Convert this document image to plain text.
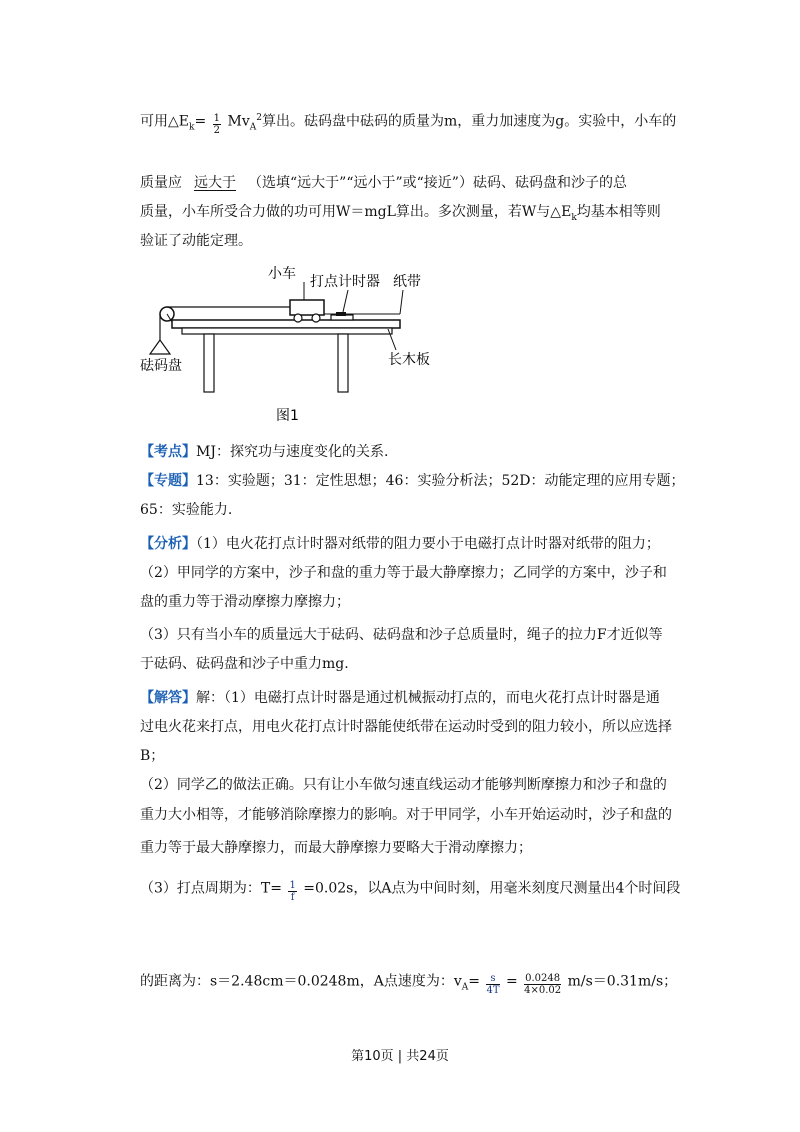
可用$\triangle E_k= \frac{1}{2} Mv_A^2$算出。砝码盘中砝码的质量为m，重力加速度为g。实验中，小车的
质量应 远大于 （选填“远大于”“远小于”或“接近”）砝码、砝码盘和沙子的总
质量，小车所受合力做的功可用W＝mgL算出。多次测量，若W与$\triangle E_k$均基本相等则
验证了动能定理。
小车 打点计时器 纸带
砝码盘	长木板
图1
【考点】MJ：探究功与速度变化的关系.
【专题】13：实验题；31：定性思想；46：实验分析法；52D：动能定理的应用专题；
65：实验能力.
【分析】（1）电火花打点计时器对纸带的阻力要小于电磁打点计时器对纸带的阻力；
（2）甲同学的方案中，沙子和盘的重力等于最大静摩擦力；乙同学的方案中，沙子和
盘的重力等于滑动摩擦力摩擦力；
（3）只有当小车的质量远大于砝码、砝码盘和沙子总质量时，绳子的拉力F才近似等
于砝码、砝码盘和沙子中重力mg.
【解答】解：（1）电磁打点计时器是通过机械振动打点的，而电火花打点计时器是通
过电火花来打点，用电火花打点计时器能使纸带在运动时受到的阻力较小，所以应选择
B；
（2）同学乙的做法正确。只有让小车做匀速直线运动才能够判断摩擦力和沙子和盘的
重力大小相等，才能够消除摩擦力的影响。对于甲同学，小车开始运动时，沙子和盘的
重力等于最大静摩擦力，而最大静摩擦力要略大于滑动摩擦力；
（3）打点周期为：$T= \frac{1}{f} =0.02s$，以A点为中间时刻，用毫米刻度尺测量出4个时间段
的距离为：s＝2.48cm＝0.0248m，A点速度为：$v_A= \frac{s}{4T} = \frac{0.0248}{4\times 0.02} m/s=0.31m/s$；
第10页 | 共24页
